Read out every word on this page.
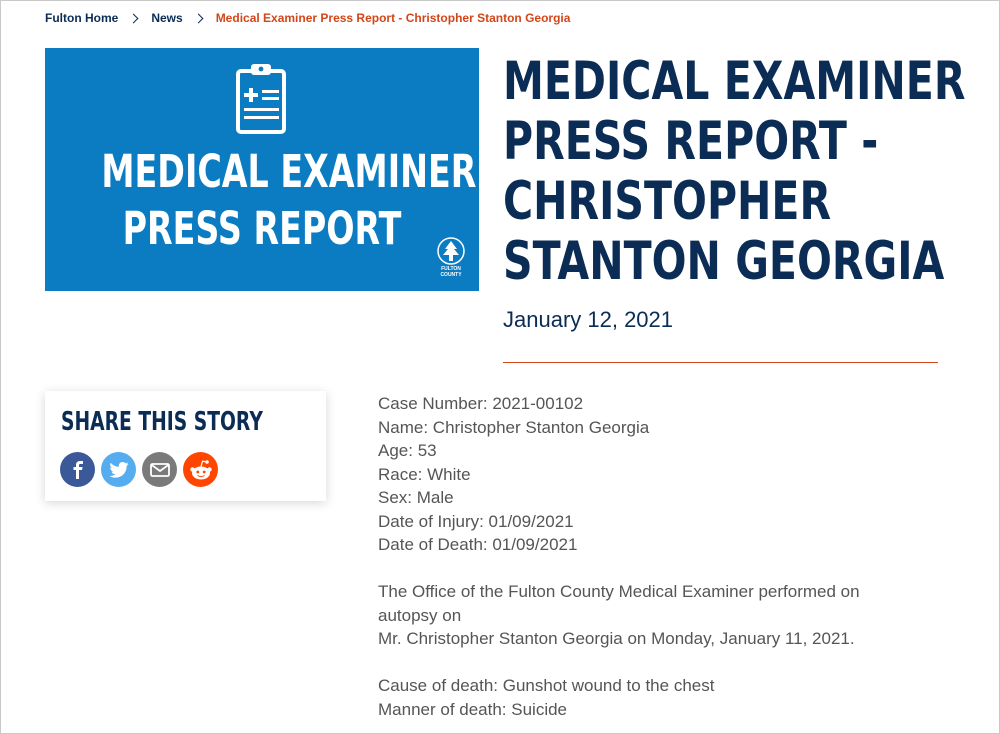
Fulton Home	News	Medical Examiner Press Report - Christopher Stanton Georgia
MEDICAL EXAMINER
PRESS REPORT
FULTON
COUNTY
MEDICAL EXAMINER
PRESS REPORT -
CHRISTOPHER
STANTON GEORGIA
January 12, 2021
SHARE THIS STORY

Case Number: 2021-00102

Name: Christopher Stanton Georgia

Age: 53

Race: White

Sex: Male

Date of Injury: 01/09/2021

Date of Death: 01/09/2021

The Office of the Fulton County Medical Examiner performed on

autopsy on

Mr. Christopher Stanton Georgia on Monday, January 11, 2021.

Cause of death: Gunshot wound to the chest

Manner of death: Suicide
